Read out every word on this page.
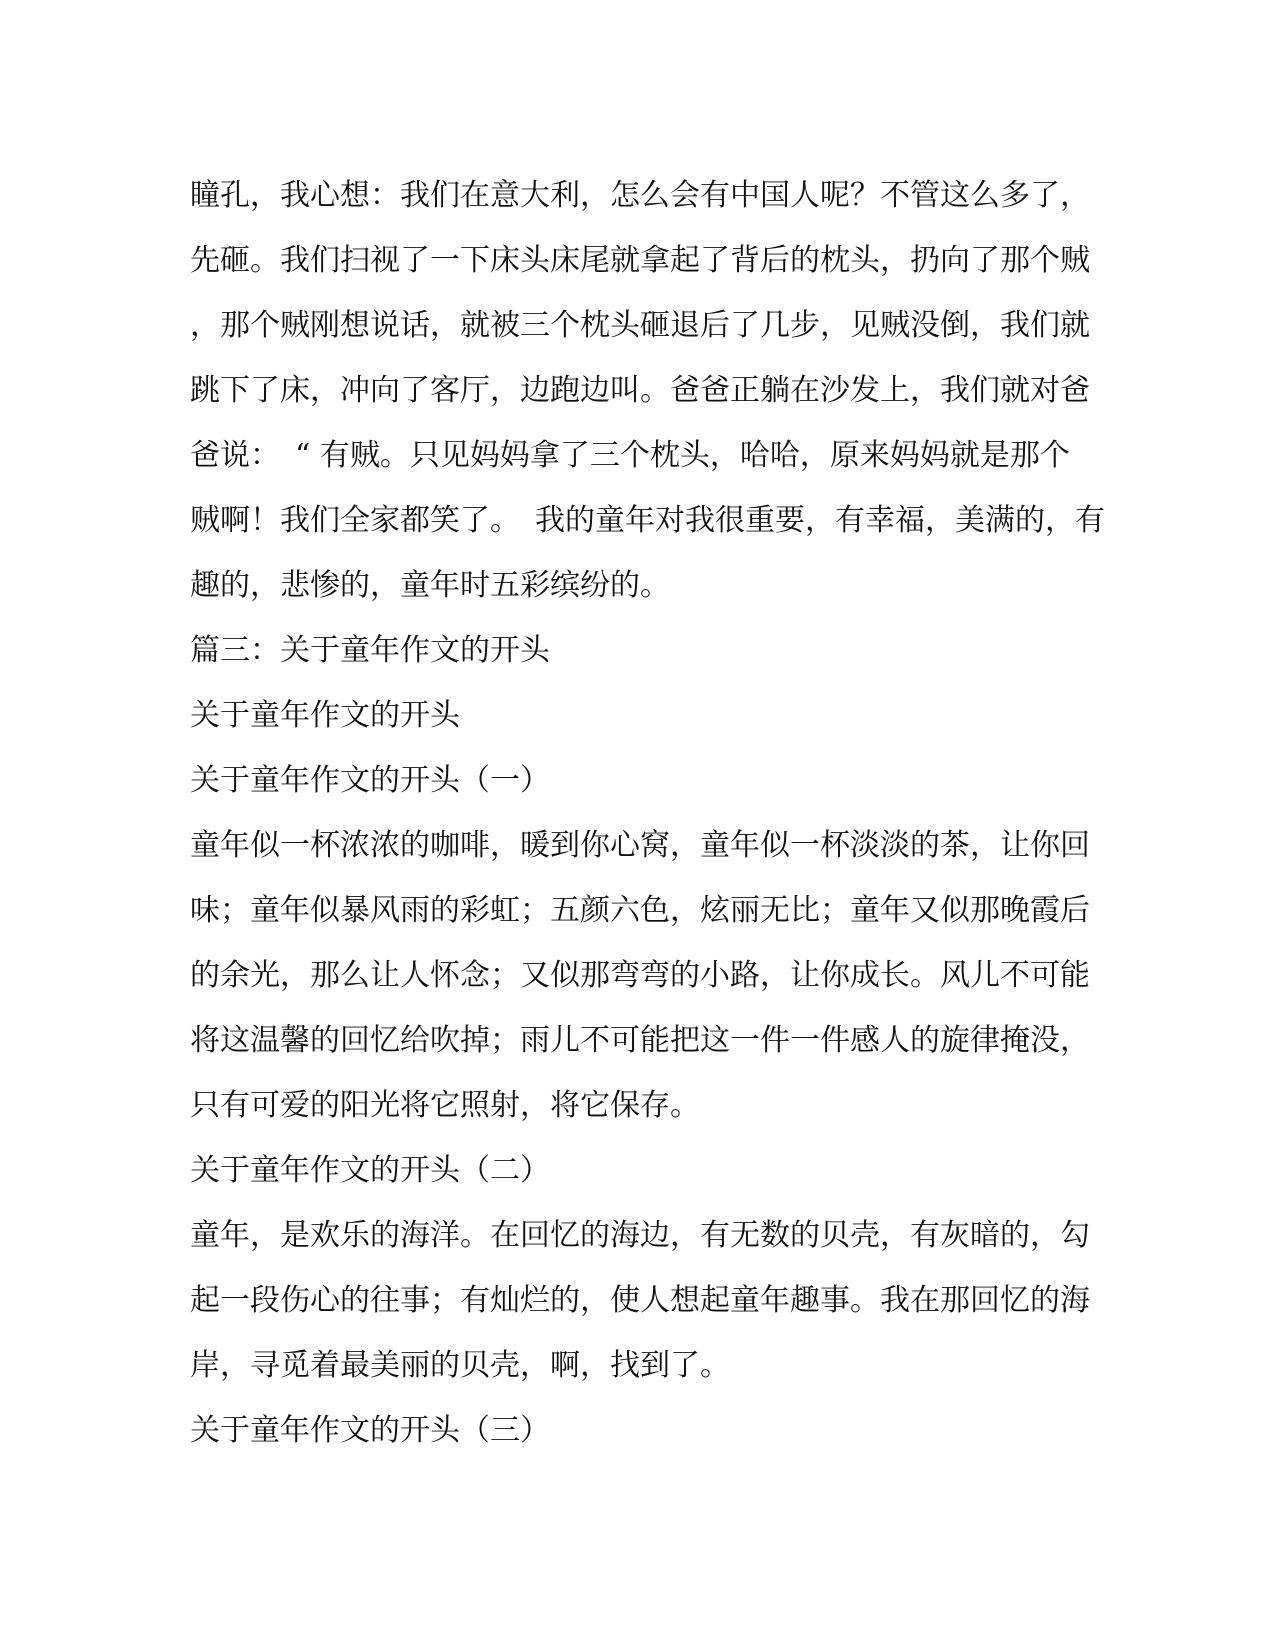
瞳孔，我心想：我们在意大利，怎么会有中国人呢？不管这么多了，
先砸。我们扫视了一下床头床尾就拿起了背后的枕头，扔向了那个贼
，那个贼刚想说话，就被三个枕头砸退后了几步，见贼没倒，我们就
跳下了床，冲向了客厅，边跑边叫。爸爸正躺在沙发上，我们就对爸
爸说：　“ 有贼。只见妈妈拿了三个枕头，哈哈，原来妈妈就是那个
贼啊！我们全家都笑了。　我的童年对我很重要，有幸福，美满的，有
趣的，悲惨的，童年时五彩缤纷的。
篇三：关于童年作文的开头
关于童年作文的开头
关于童年作文的开头（一）
童年似一杯浓浓的咖啡，暖到你心窝，童年似一杯淡淡的茶，让你回
味；童年似暴风雨的彩虹；五颜六色，炫丽无比；童年又似那晚霞后
的余光，那么让人怀念；又似那弯弯的小路，让你成长。风儿不可能
将这温馨的回忆给吹掉；雨儿不可能把这一件一件感人的旋律掩没，
只有可爱的阳光将它照射，将它保存。
关于童年作文的开头（二）
童年，是欢乐的海洋。在回忆的海边，有无数的贝壳，有灰暗的，勾
起一段伤心的往事；有灿烂的，使人想起童年趣事。我在那回忆的海
岸，寻觅着最美丽的贝壳，啊，找到了。
关于童年作文的开头（三）
